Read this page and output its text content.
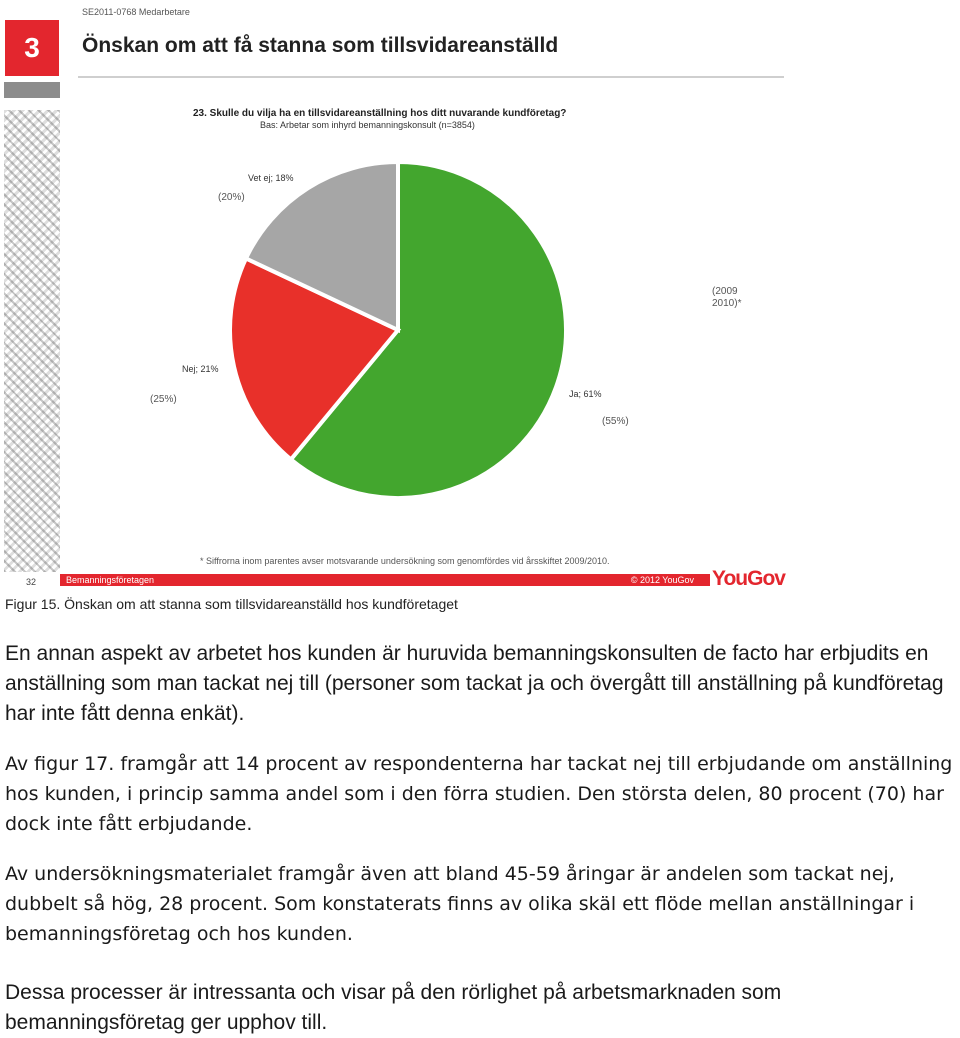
3
SE2011-0768 Medarbetare
Önskan om att få stanna som tillsvidareanställd
23. Skulle du vilja ha en tillsvidareanställning hos ditt nuvarande kundföretag?
Bas: Arbetar som inhyrd bemanningskonsult (n=3854)
Vet ej; 18%
(20%)
Nej; 21%
(25%)	Ja; 61%
(55%)
(2009 2010)*
* Siffrorna inom parentes avser motsvarande undersökning som genomfördes vid årsskiftet 2009/2010.
32	Bemanningsföretagen	© 2012 YouGov YouGov
Figur 15. Önskan om att stanna som tillsvidareanställd hos kundföretaget

En annan aspekt av arbetet hos kunden är huruvida bemanningskonsulten de facto har erbjudits en anställning som man tackat nej till (personer som tackat ja och övergått till anställning på kundföretag har inte fått denna enkät).

Av figur 17. framgår att 14 procent av respondenterna har tackat nej till erbjudande om anställning hos kunden, i princip samma andel som i den förra studien. Den största delen, 80 procent (70) har dock inte fått erbjudande.

Av undersökningsmaterialet framgår även att bland 45-59 åringar är andelen som tackat nej, dubbelt så hög, 28 procent. Som konstaterats finns av olika skäl ett flöde mellan anställningar i bemanningsföretag och hos kunden.

Dessa processer är intressanta och visar på den rörlighet på arbetsmarknaden som bemanningsföretag ger upphov till.
